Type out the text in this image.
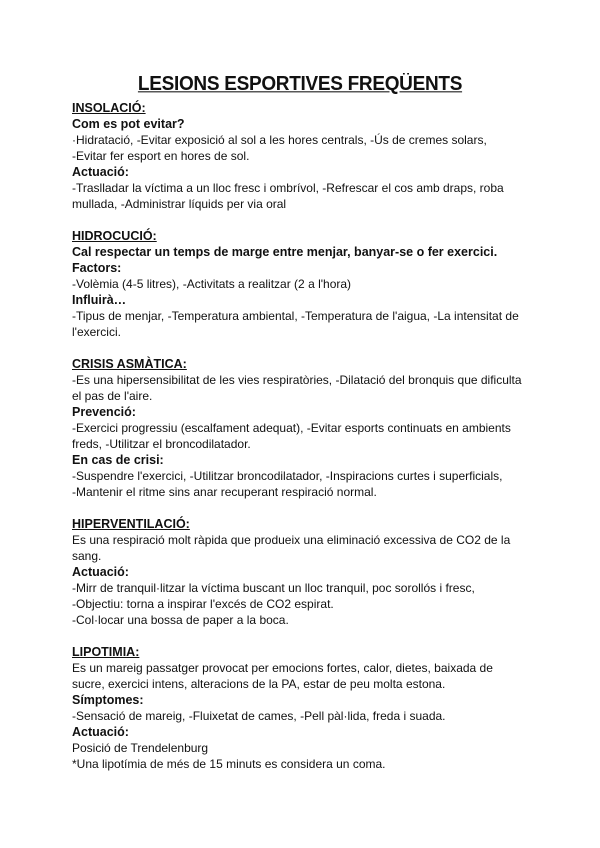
LESIONS ESPORTIVES FREQÜENTS
INSOLACIÓ:
Com es pot evitar?
·Hidratació, -Evitar exposició al sol a les hores centrals, -Ús de cremes solars,
-Evitar fer esport en hores de sol.
Actuació:
-Traslladar la víctima a un lloc fresc i ombrívol, -Refrescar el cos amb draps, roba
mullada, -Administrar líquids per via oral
HIDROCUCIÓ:
Cal respectar un temps de marge entre menjar, banyar-se o fer exercici.
Factors:
-Volèmia (4-5 litres), -Activitats a realitzar (2 a l'hora)
Influirà…
-Tipus de menjar, -Temperatura ambiental, -Temperatura de l'aigua, -La intensitat de
l'exercici.
CRISIS ASMÀTICA:
-Es una hipersensibilitat de les vies respiratòries, -Dilatació del bronquis que dificulta
el pas de l'aire.
Prevenció:
-Exercici progressiu (escalfament adequat), -Evitar esports continuats en ambients
freds, -Utilitzar el broncodilatador.
En cas de crisi:
-Suspendre l'exercici, -Utilitzar broncodilatador, -Inspiracions curtes i superficials,
-Mantenir el ritme sins anar recuperant respiració normal.
HIPERVENTILACIÓ:
Es una respiració molt ràpida que produeix una eliminació excessiva de CO2 de la
sang.
Actuació:
-Mirr de tranquil·litzar la víctima buscant un lloc tranquil, poc sorollós i fresc,
-Objectiu: torna a inspirar l'excés de CO2 espirat.
-Col·locar una bossa de paper a la boca.
LIPOTIMIA:
Es un mareig passatger provocat per emocions fortes, calor, dietes, baixada de
sucre, exercici intens, alteracions de la PA, estar de peu molta estona.
Símptomes:
-Sensació de mareig, -Fluixetat de cames, -Pell pàl·lida, freda i suada.
Actuació:
Posició de Trendelenburg
*Una lipotímia de més de 15 minuts es considera un coma.
